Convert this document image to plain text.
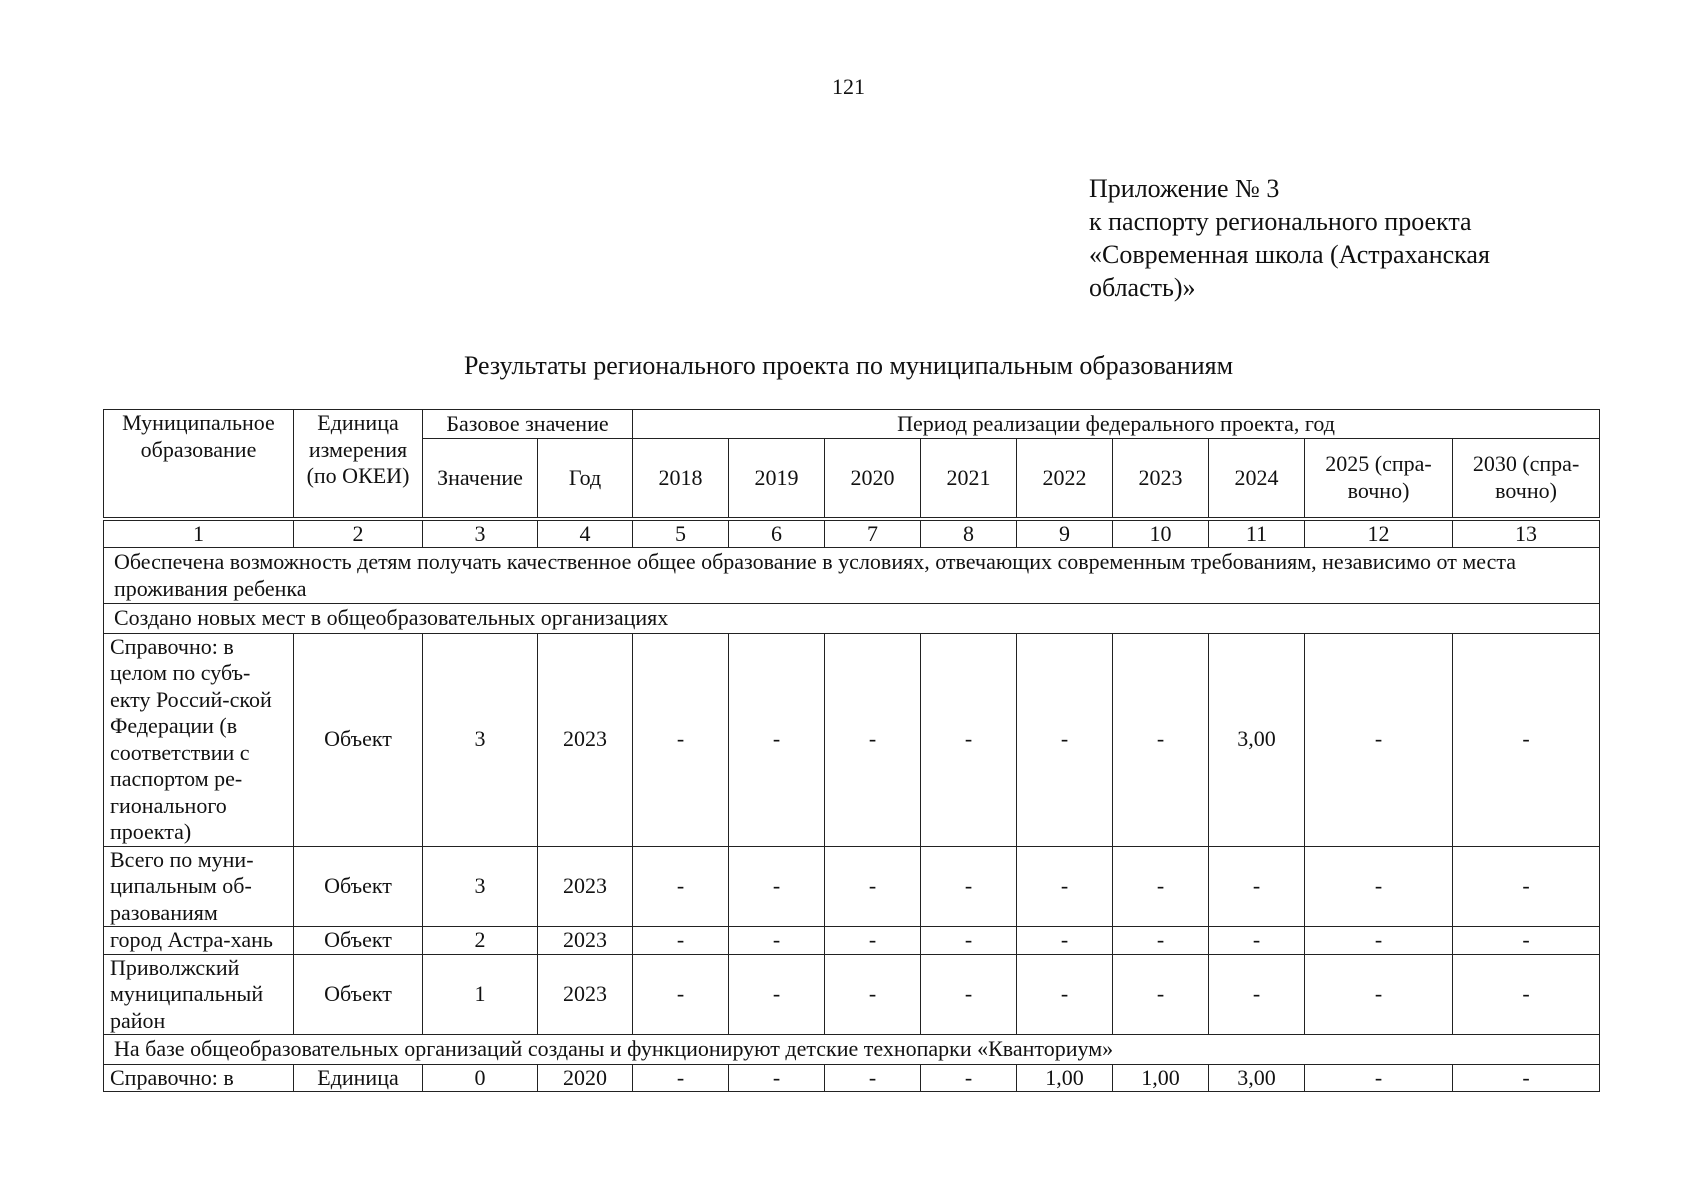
121
Приложение № 3
к паспорту регионального проекта
«Современная школа (Астраханская
область)»
Результаты регионального проекта по муниципальным образованиям
Муниципальное образование	Единица измерения (по ОКЕИ)	Базовое значение		Период реализации федерального проекта, год								
		Значение	Год	2018	2019	2020	2021	2022	2023	2024	2025 (спра-вочно)	2030 (спра-вочно)
1	2	3	4	5	6	7	8	9	10	11	12	13
Обеспечена возможность детям получать качественное общее образование в условиях, отвечающих современным требованиям, независимо от места проживания ребенка												
Создано новых мест в общеобразовательных организациях												
Справочно: в целом по субъ-екту Россий-ской Федерации (в соответствии с паспортом ре-гионального проекта)	Объект	3	2023	-	-	-	-	-	-	3,00	-	-
Всего по муни-ципальным об-разованиям	Объект	3	2023	-	-	-	-	-	-	-	-	-
город Астра-хань	Объект	2	2023	-	-	-	-	-	-	-	-	-
Приволжский муниципальный район	Объект	1	2023	-	-	-	-	-	-	-	-	-
На базе общеобразовательных организаций созданы и функционируют детские технопарки «Кванториум»												
Справочно: в	Единица	0	2020	-	-	-	-	1,00	1,00	3,00	-	-
